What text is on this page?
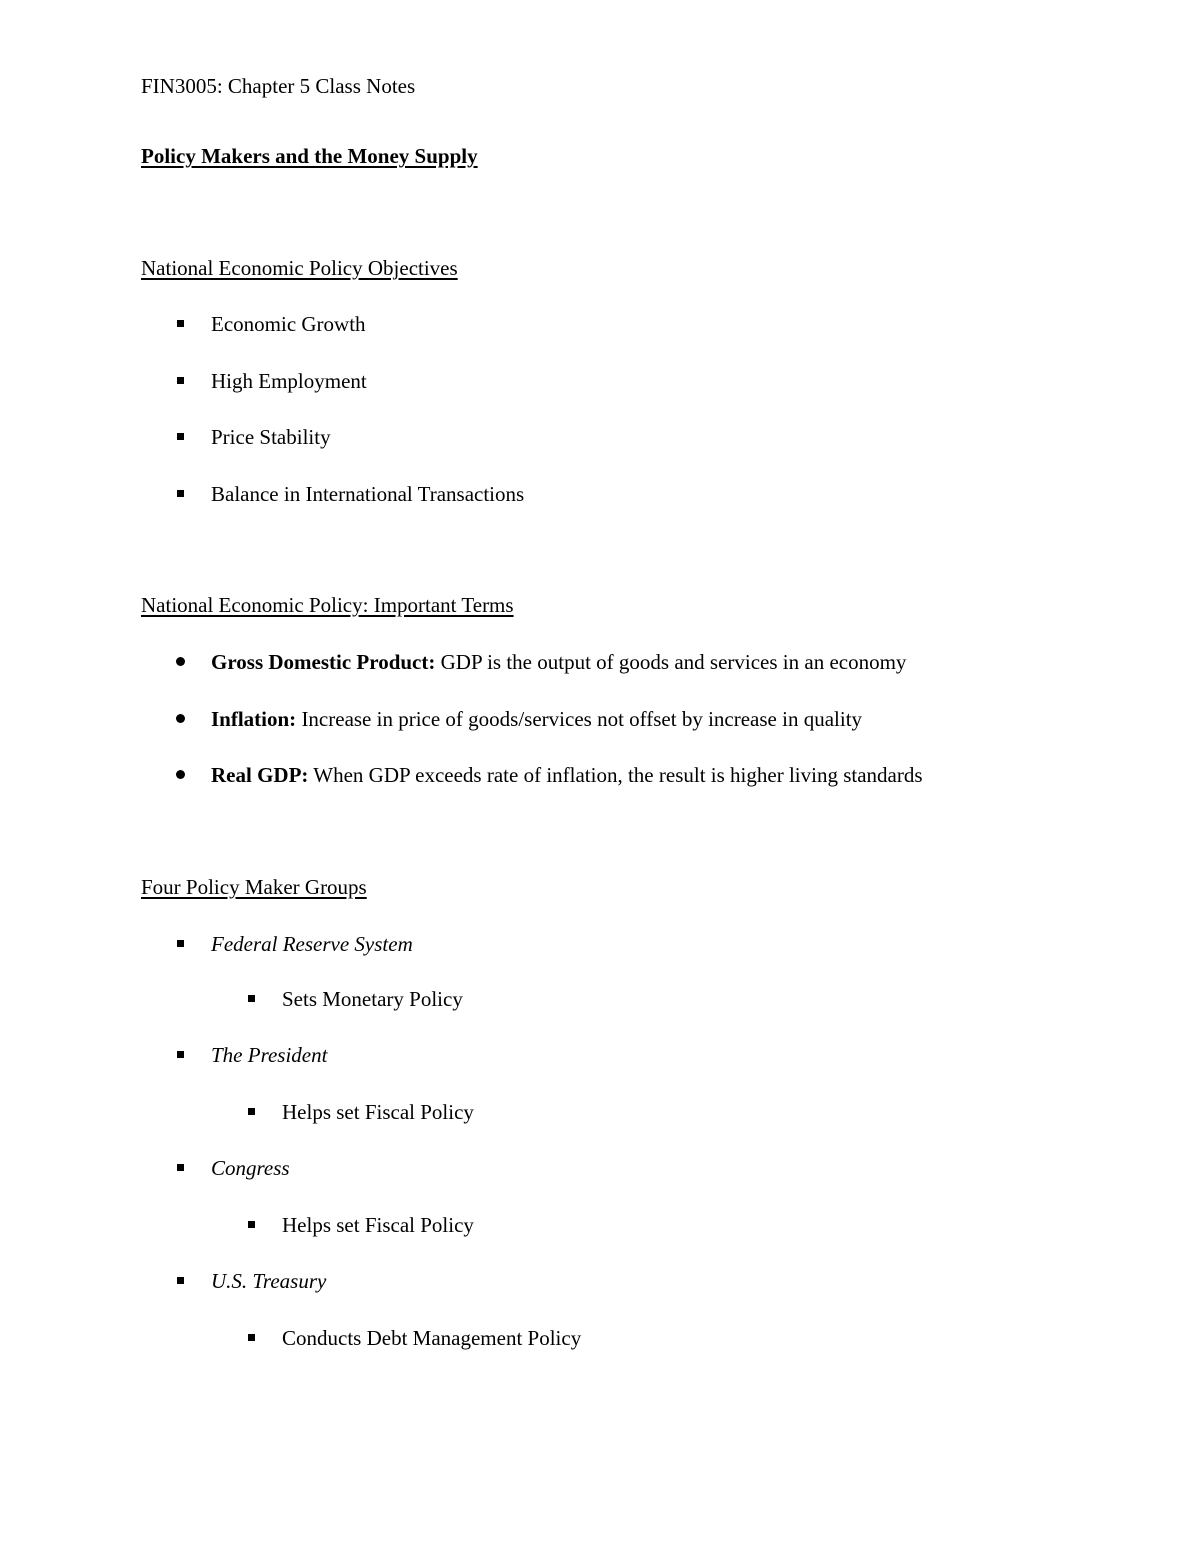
FIN3005: Chapter 5 Class Notes
Policy Makers and the Money Supply
National Economic Policy Objectives
Economic Growth
High Employment
Price Stability
Balance in International Transactions
National Economic Policy: Important Terms
Gross Domestic Product: GDP is the output of goods and services in an economy
Inflation: Increase in price of goods/services not offset by increase in quality
Real GDP: When GDP exceeds rate of inflation, the result is higher living standards
Four Policy Maker Groups
Federal Reserve System
Sets Monetary Policy
The President
Helps set Fiscal Policy
Congress
Helps set Fiscal Policy
U.S. Treasury
Conducts Debt Management Policy
